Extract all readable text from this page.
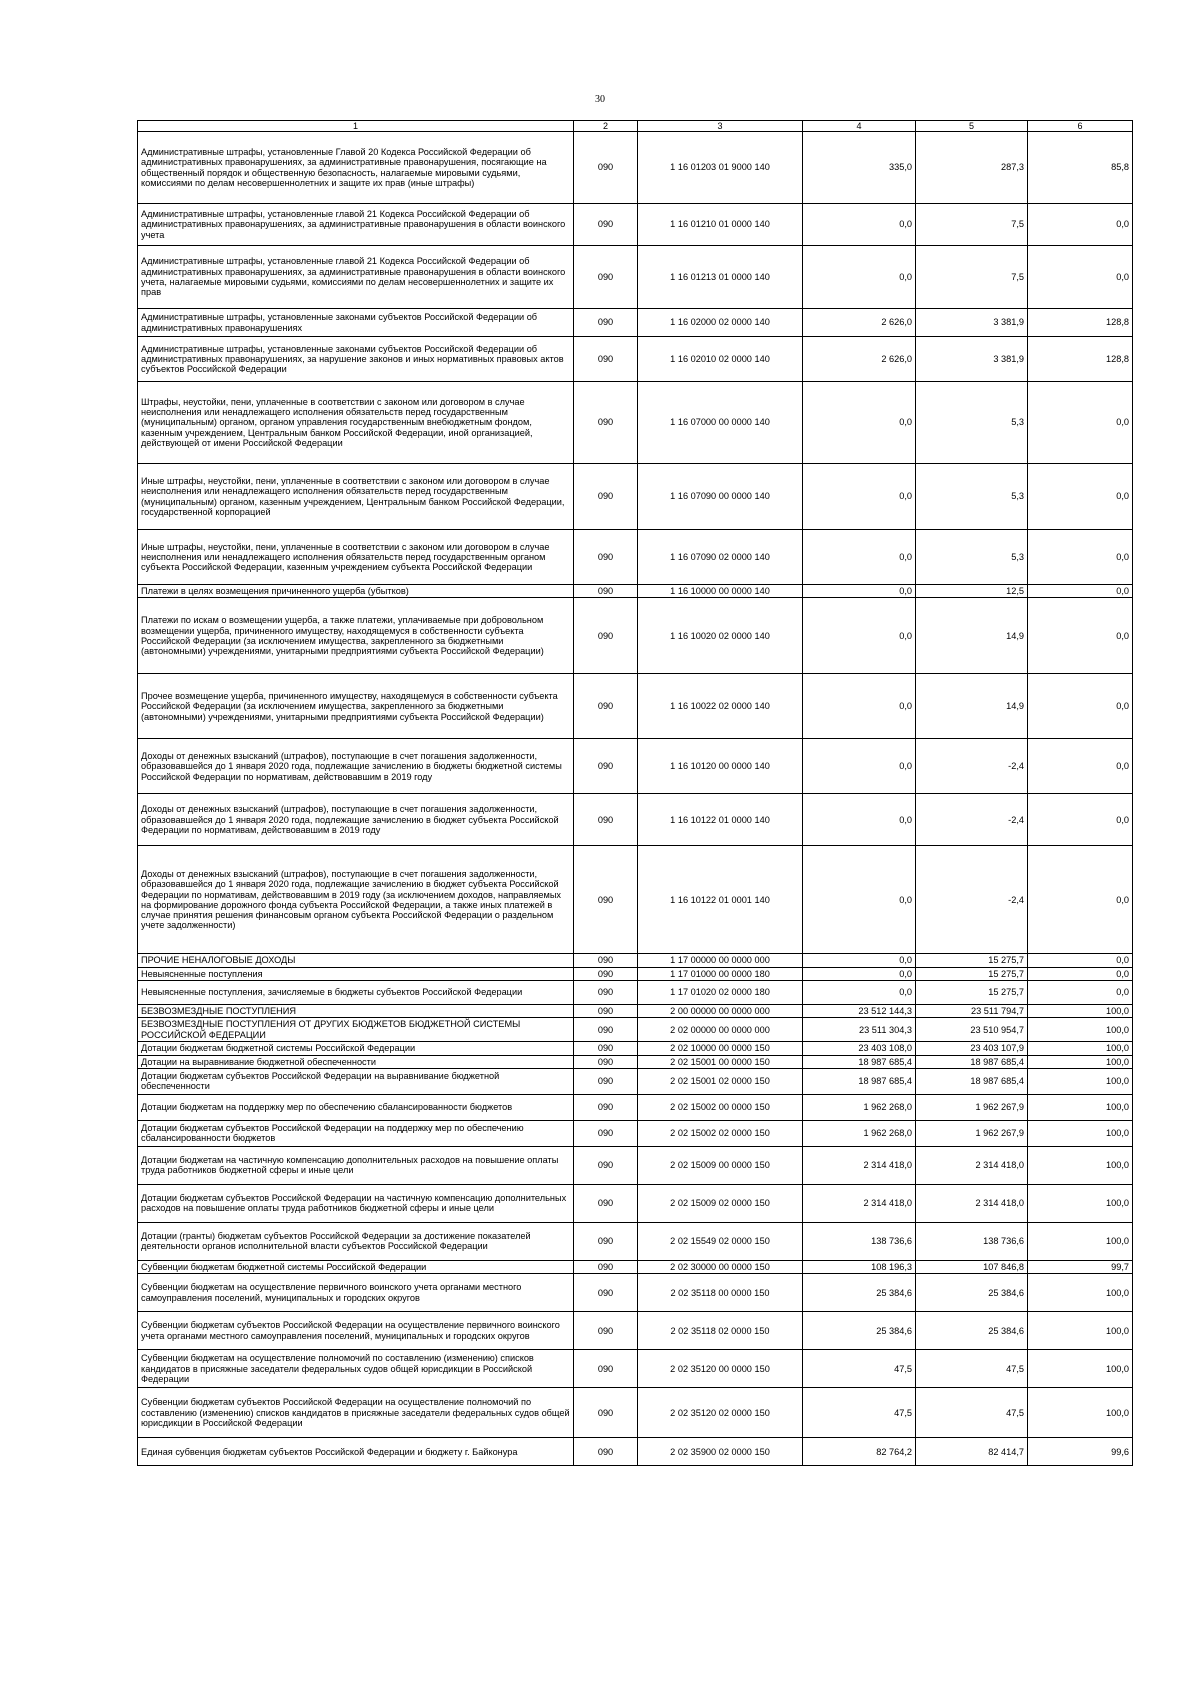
30
1	2	3	4	5	6
Административные штрафы, установленные Главой 20 Кодекса Российской Федерации об административных правонарушениях, за административные правонарушения, посягающие на общественный порядок и общественную безопасность, налагаемые мировыми судьями, комиссиями по делам несовершеннолетних и защите их прав (иные штрафы)	090	1 16 01203 01 9000 140	335,0	287,3	85,8
Административные штрафы, установленные главой 21 Кодекса Российской Федерации об административных правонарушениях, за административные правонарушения в области воинского учета	090	1 16 01210 01 0000 140	0,0	7,5	0,0
Административные штрафы, установленные главой 21 Кодекса Российской Федерации об административных правонарушениях, за административные правонарушения в области воинского учета, налагаемые мировыми судьями, комиссиями по делам несовершеннолетних и защите их прав	090	1 16 01213 01 0000 140	0,0	7,5	0,0
Административные штрафы, установленные законами субъектов Российской Федерации об административных правонарушениях	090	1 16 02000 02 0000 140	2 626,0	3 381,9	128,8
Административные штрафы, установленные законами субъектов Российской Федерации об административных правонарушениях, за нарушение законов и иных нормативных правовых актов субъектов Российской Федерации	090	1 16 02010 02 0000 140	2 626,0	3 381,9	128,8
Штрафы, неустойки, пени, уплаченные в соответствии с законом или договором в случае неисполнения или ненадлежащего исполнения обязательств перед государственным (муниципальным) органом, органом управления государственным внебюджетным фондом, казенным учреждением, Центральным банком Российской Федерации, иной организацией, действующей от имени Российской Федерации	090	1 16 07000 00 0000 140	0,0	5,3	0,0
Иные штрафы, неустойки, пени, уплаченные в соответствии с законом или договором в случае неисполнения или ненадлежащего исполнения обязательств перед государственным (муниципальным) органом, казенным учреждением, Центральным банком Российской Федерации, государственной корпорацией	090	1 16 07090 00 0000 140	0,0	5,3	0,0
Иные штрафы, неустойки, пени, уплаченные в соответствии с законом или договором в случае неисполнения или ненадлежащего исполнения обязательств перед государственным органом субъекта Российской Федерации, казенным учреждением субъекта Российской Федерации	090	1 16 07090 02 0000 140	0,0	5,3	0,0
Платежи в целях возмещения причиненного ущерба (убытков)	090	1 16 10000 00 0000 140	0,0	12,5	0,0
Платежи по искам о возмещении ущерба, а также платежи, уплачиваемые при добровольном возмещении ущерба, причиненного имуществу, находящемуся в собственности субъекта Российской Федерации (за исключением имущества, закрепленного за бюджетными (автономными) учреждениями, унитарными предприятиями субъекта Российской Федерации)	090	1 16 10020 02 0000 140	0,0	14,9	0,0
Прочее возмещение ущерба, причиненного имуществу, находящемуся в собственности субъекта Российской Федерации (за исключением имущества, закрепленного за бюджетными (автономными) учреждениями, унитарными предприятиями субъекта Российской Федерации)	090	1 16 10022 02 0000 140	0,0	14,9	0,0
Доходы от денежных взысканий (штрафов), поступающие в счет погашения задолженности, образовавшейся до 1 января 2020 года, подлежащие зачислению в бюджеты бюджетной системы Российской Федерации по нормативам, действовавшим в 2019 году	090	1 16 10120 00 0000 140	0,0	-2,4	0,0
Доходы от денежных взысканий (штрафов), поступающие в счет погашения задолженности, образовавшейся до 1 января 2020 года, подлежащие зачислению в бюджет субъекта Российской Федерации по нормативам, действовавшим в 2019 году	090	1 16 10122 01 0000 140	0,0	-2,4	0,0
Доходы от денежных взысканий (штрафов), поступающие в счет погашения задолженности, образовавшейся до 1 января 2020 года, подлежащие зачислению в бюджет субъекта Российской Федерации по нормативам, действовавшим в 2019 году (за исключением доходов, направляемых на формирование дорожного фонда субъекта Российской Федерации, а также иных платежей в случае принятия решения финансовым органом субъекта Российской Федерации о раздельном учете задолженности)	090	1 16 10122 01 0001 140	0,0	-2,4	0,0
ПРОЧИЕ НЕНАЛОГОВЫЕ ДОХОДЫ	090	1 17 00000 00 0000 000	0,0	15 275,7	0,0
Невыясненные поступления	090	1 17 01000 00 0000 180	0,0	15 275,7	0,0
Невыясненные поступления, зачисляемые в бюджеты субъектов Российской Федерации	090	1 17 01020 02 0000 180	0,0	15 275,7	0,0
БЕЗВОЗМЕЗДНЫЕ ПОСТУПЛЕНИЯ	090	2 00 00000 00 0000 000	23 512 144,3	23 511 794,7	100,0
БЕЗВОЗМЕЗДНЫЕ ПОСТУПЛЕНИЯ ОТ ДРУГИХ БЮДЖЕТОВ БЮДЖЕТНОЙ СИСТЕМЫ РОССИЙСКОЙ ФЕДЕРАЦИИ	090	2 02 00000 00 0000 000	23 511 304,3	23 510 954,7	100,0
Дотации бюджетам бюджетной системы Российской Федерации	090	2 02 10000 00 0000 150	23 403 108,0	23 403 107,9	100,0
Дотации на выравнивание бюджетной обеспеченности	090	2 02 15001 00 0000 150	18 987 685,4	18 987 685,4	100,0
Дотации бюджетам субъектов Российской Федерации на выравнивание бюджетной обеспеченности	090	2 02 15001 02 0000 150	18 987 685,4	18 987 685,4	100,0
Дотации бюджетам на поддержку мер по обеспечению сбалансированности бюджетов	090	2 02 15002 00 0000 150	1 962 268,0	1 962 267,9	100,0
Дотации бюджетам субъектов Российской Федерации на поддержку мер по обеспечению сбалансированности бюджетов	090	2 02 15002 02 0000 150	1 962 268,0	1 962 267,9	100,0
Дотации бюджетам на частичную компенсацию дополнительных расходов на повышение оплаты труда работников бюджетной сферы и иные цели	090	2 02 15009 00 0000 150	2 314 418,0	2 314 418,0	100,0
Дотации бюджетам субъектов Российской Федерации на частичную компенсацию дополнительных расходов на повышение оплаты труда работников бюджетной сферы и иные цели	090	2 02 15009 02 0000 150	2 314 418,0	2 314 418,0	100,0
Дотации (гранты) бюджетам субъектов Российской Федерации за достижение показателей деятельности органов исполнительной власти субъектов Российской Федерации	090	2 02 15549 02 0000 150	138 736,6	138 736,6	100,0
Субвенции бюджетам бюджетной системы Российской Федерации	090	2 02 30000 00 0000 150	108 196,3	107 846,8	99,7
Субвенции бюджетам на осуществление первичного воинского учета органами местного самоуправления поселений, муниципальных и городских округов	090	2 02 35118 00 0000 150	25 384,6	25 384,6	100,0
Субвенции бюджетам субъектов Российской Федерации на осуществление первичного воинского учета органами местного самоуправления поселений, муниципальных и городских округов	090	2 02 35118 02 0000 150	25 384,6	25 384,6	100,0
Субвенции бюджетам на осуществление полномочий по составлению (изменению) списков кандидатов в присяжные заседатели федеральных судов общей юрисдикции в Российской Федерации	090	2 02 35120 00 0000 150	47,5	47,5	100,0
Субвенции бюджетам субъектов Российской Федерации на осуществление полномочий по составлению (изменению) списков кандидатов в присяжные заседатели федеральных судов общей юрисдикции в Российской Федерации	090	2 02 35120 02 0000 150	47,5	47,5	100,0
Единая субвенция бюджетам субъектов Российской Федерации и бюджету г. Байконура	090	2 02 35900 02 0000 150	82 764,2	82 414,7	99,6
